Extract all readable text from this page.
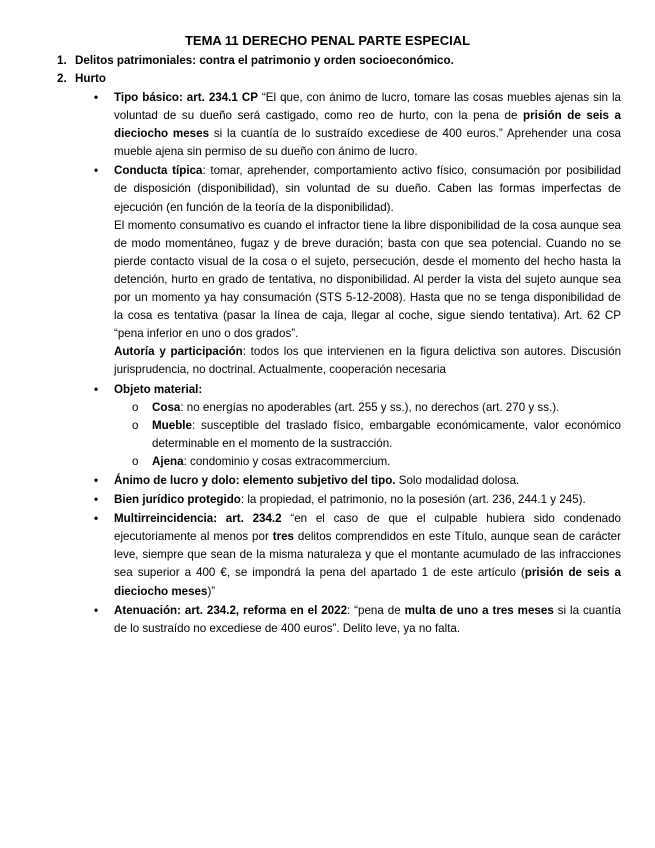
TEMA 11 DERECHO PENAL PARTE ESPECIAL
1. Delitos patrimoniales: contra el patrimonio y orden socioeconómico.
2. Hurto
• Tipo básico: art. 234.1 CP “El que, con ánimo de lucro, tomare las cosas muebles ajenas sin la voluntad de su dueño será castigado, como reo de hurto, con la pena de prisión de seis a dieciocho meses si la cuantía de lo sustraído excediese de 400 euros.” Aprehender una cosa mueble ajena sin permiso de su dueño con ánimo de lucro.
• Conducta típica: tomar, aprehender, comportamiento activo físico, consumación por posibilidad de disposición (disponibilidad), sin voluntad de su dueño. Caben las formas imperfectas de ejecución (en función de la teoría de la disponibilidad).
El momento consumativo es cuando el infractor tiene la libre disponibilidad de la cosa aunque sea de modo momentáneo, fugaz y de breve duración; basta con que sea potencial. Cuando no se pierde contacto visual de la cosa o el sujeto, persecución, desde el momento del hecho hasta la detención, hurto en grado de tentativa, no disponibilidad. Al perder la vista del sujeto aunque sea por un momento ya hay consumación (STS 5-12-2008). Hasta que no se tenga disponibilidad de la cosa es tentativa (pasar la línea de caja, llegar al coche, sigue siendo tentativa). Art. 62 CP “pena inferior en uno o dos grados”.
Autoría y participación: todos los que intervienen en la figura delictiva son autores. Discusión jurisprudencia, no doctrinal. Actualmente, cooperación necesaria
• Objeto material:
o Cosa: no energías no apoderables (art. 255 y ss.), no derechos (art. 270 y ss.).
o Mueble: susceptible del traslado físico, embargable económicamente, valor económico determinable en el momento de la sustracción.
o Ajena: condominio y cosas extracommercium.
• Ánimo de lucro y dolo: elemento subjetivo del tipo. Solo modalidad dolosa.
• Bien jurídico protegido: la propiedad, el patrimonio, no la posesión (art. 236, 244.1 y 245).
• Multirreincidencia: art. 234.2 “en el caso de que el culpable hubiera sido condenado ejecutoriamente al menos por tres delitos comprendidos en este Título, aunque sean de carácter leve, siempre que sean de la misma naturaleza y que el montante acumulado de las infracciones sea superior a 400 €, se impondrá la pena del apartado 1 de este artículo (prisión de seis a dieciocho meses)”
• Atenuación: art. 234.2, reforma en el 2022: “pena de multa de uno a tres meses si la cuantía de lo sustraído no excediese de 400 euros”. Delito leve, ya no falta.
